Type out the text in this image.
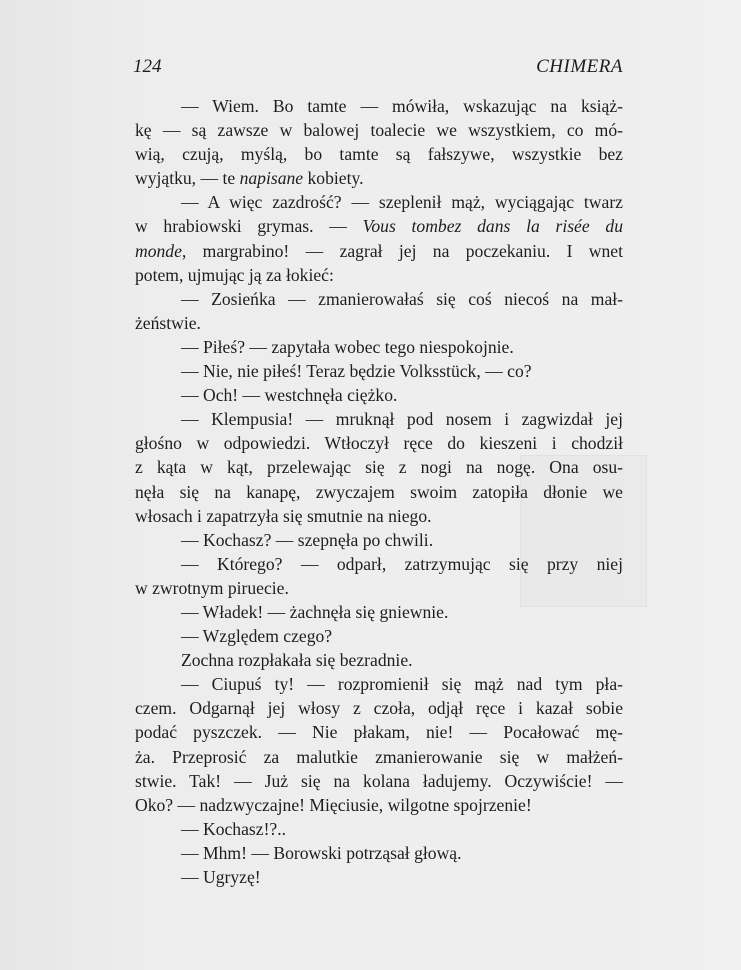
124	CHIMERA
— Wiem. Bo tamte — mówiła, wskazując na książ-
kę — są zawsze w balowej toalecie we wszystkiem, co mó-
wią, czują, myślą, bo tamte są fałszywe, wszystkie bez
wyjątku, — te napisane kobiety.
— A więc zazdrość? — szeplenił mąż, wyciągając twarz
w hrabiowski grymas. — Vous tombez dans la risée du
monde, margrabino! — zagrał jej na poczekaniu. I wnet
potem, ujmując ją za łokieć:
— Zosieńka — zmanierowałaś się coś niecoś na mał-
żeństwie.
— Piłeś? — zapytała wobec tego niespokojnie.
— Nie, nie piłeś! Teraz będzie Volksstück, — co?
— Och! — westchnęła ciężko.
— Klempusia! — mruknął pod nosem i zagwizdał jej
głośno w odpowiedzi. Wtłoczył ręce do kieszeni i chodził
z kąta w kąt, przelewając się z nogi na nogę. Ona osu-
nęła się na kanapę, zwyczajem swoim zatopiła dłonie we
włosach i zapatrzyła się smutnie na niego.
— Kochasz? — szepnęła po chwili.
— Którego? — odparł, zatrzymując się przy niej
w zwrotnym piruecie.
— Władek! — żachnęła się gniewnie.
— Względem czego?
Zochna rozpłakała się bezradnie.
— Ciupuś ty! — rozpromienił się mąż nad tym pła-
czem. Odgarnął jej włosy z czoła, odjął ręce i kazał sobie
podać pyszczek. — Nie płakam, nie! — Pocałować mę-
ża. Przeprosić za malutkie zmanierowanie się w małżeń-
stwie. Tak! — Już się na kolana ładujemy. Oczywiście! —
Oko? — nadzwyczajne! Mięciusie, wilgotne spojrzenie!
— Kochasz!?..
— Mhm! — Borowski potrząsał głową.
— Ugryzę!
